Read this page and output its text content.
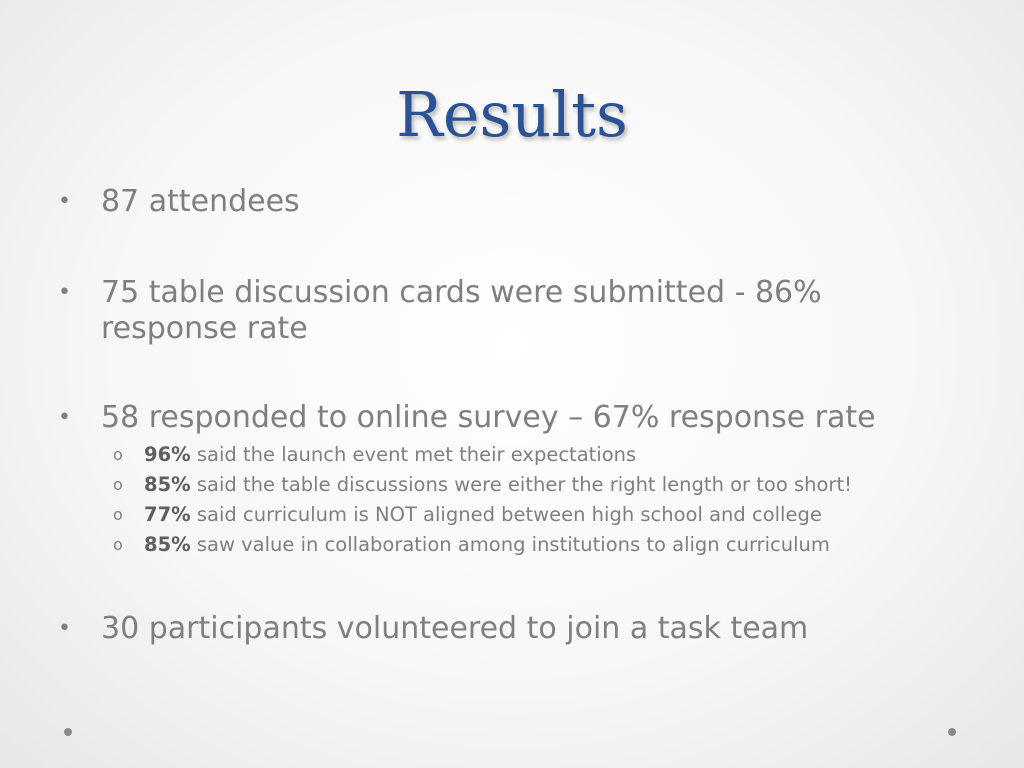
Results
• 87 attendees
• 75 table discussion cards were submitted - 86% response rate
• 58 responded to online survey – 67% response rate
o 96% said the launch event met their expectations
o 85% said the table discussions were either the right length or too short!
o 77% said curriculum is NOT aligned between high school and college
o 85% saw value in collaboration among institutions to align curriculum
• 30 participants volunteered to join a task team
